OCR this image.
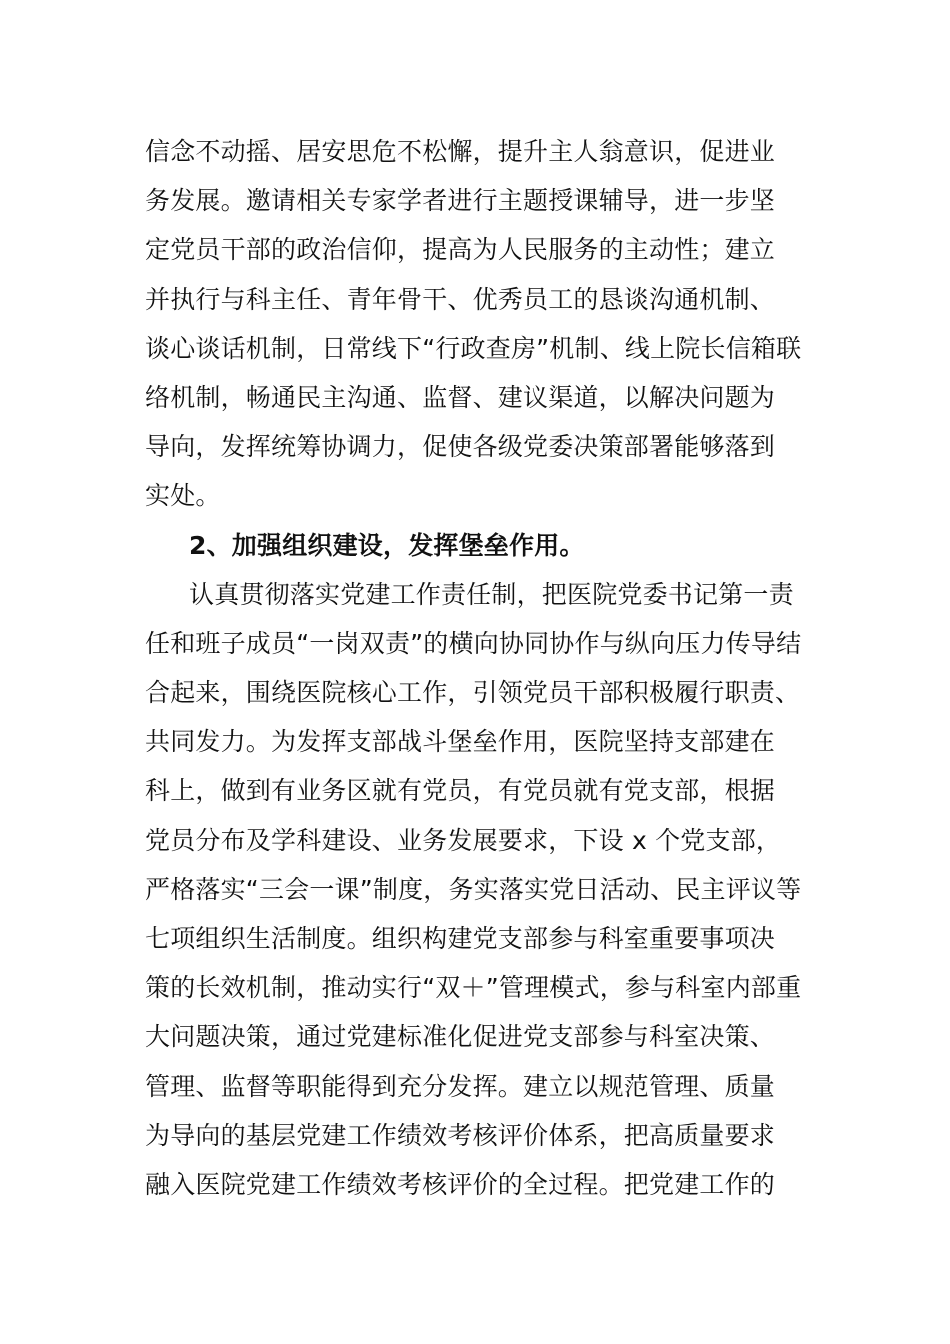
信念不动摇、居安思危不松懈，提升主人翁意识，促进业
务发展。邀请相关专家学者进行主题授课辅导，进一步坚
定党员干部的政治信仰，提高为人民服务的主动性；建立
并执行与科主任、青年骨干、优秀员工的恳谈沟通机制、
谈心谈话机制，日常线下“行政查房”机制、线上院长信箱联
络机制，畅通民主沟通、监督、建议渠道，以解决问题为
导向，发挥统筹协调力，促使各级党委决策部署能够落到
实处。
2、加强组织建设，发挥堡垒作用。
认真贯彻落实党建工作责任制，把医院党委书记第一责
任和班子成员“一岗双责”的横向协同协作与纵向压力传导结
合起来，围绕医院核心工作，引领党员干部积极履行职责、
共同发力。为发挥支部战斗堡垒作用，医院坚持支部建在
科上，做到有业务区就有党员，有党员就有党支部，根据
党员分布及学科建设、业务发展要求，下设 x 个党支部，
严格落实“三会一课”制度，务实落实党日活动、民主评议等
七项组织生活制度。组织构建党支部参与科室重要事项决
策的长效机制，推动实行“双＋”管理模式，参与科室内部重
大问题决策，通过党建标准化促进党支部参与科室决策、
管理、监督等职能得到充分发挥。建立以规范管理、质量
为导向的基层党建工作绩效考核评价体系，把高质量要求
融入医院党建工作绩效考核评价的全过程。把党建工作的
